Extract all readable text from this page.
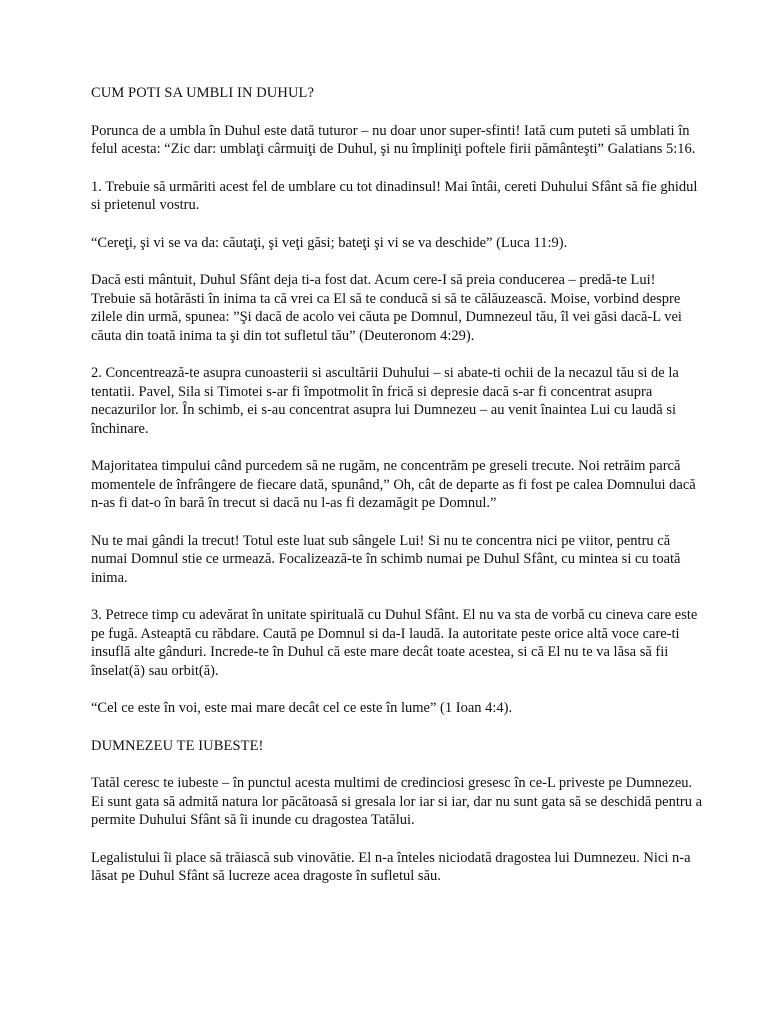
CUM POTI SA UMBLI IN DUHUL?

Porunca de a umbla în Duhul este dată tuturor – nu doar unor super-sfinti! Iată cum puteti să umblati în felul acesta: “Zic dar: umblaţi cârmuiţi de Duhul, şi nu împliniţi poftele firii pământeşti” Galatians 5:16.

1. Trebuie să urmăriti acest fel de umblare cu tot dinadinsul! Mai întâi, cereti Duhului Sfânt să fie ghidul si prietenul vostru.

“Cereţi, şi vi se va da: căutaţi, şi veţi găsi; bateţi şi vi se va deschide” (Luca 11:9).

Dacă esti mântuit, Duhul Sfânt deja ti-a fost dat. Acum cere-I să preia conducerea – predă-te Lui! Trebuie să hotărăsti în inima ta că vrei ca El să te conducă si să te călăuzească. Moise, vorbind despre zilele din urmă, spunea: ”Şi dacă de acolo vei căuta pe Domnul, Dumnezeul tău, îl vei găsi dacă-L vei căuta din toată inima ta şi din tot sufletul tău” (Deuteronom 4:29).

2. Concentrează-te asupra cunoasterii si ascultării Duhului – si abate-ti ochii de la necazul tău si de la tentatii. Pavel, Sila si Timotei s-ar fi împotmolit în frică si depresie dacă s-ar fi concentrat asupra necazurilor lor. În schimb, ei s-au concentrat asupra lui Dumnezeu – au venit înaintea Lui cu laudă si închinare.

Majoritatea timpului când purcedem să ne rugăm, ne concentrăm pe greseli trecute. Noi retrăim parcă momentele de înfrângere de fiecare dată, spunând,” Oh, cât de departe as fi fost pe calea Domnului dacă n-as fi dat-o în bară în trecut si dacă nu l-as fi dezamăgit pe Domnul.”

Nu te mai gândi la trecut! Totul este luat sub sângele Lui! Si nu te concentra nici pe viitor, pentru că numai Domnul stie ce urmează. Focalizează-te în schimb numai pe Duhul Sfânt, cu mintea si cu toată inima.

3. Petrece timp cu adevărat în unitate spirituală cu Duhul Sfânt. El nu va sta de vorbă cu cineva care este pe fugă. Asteaptă cu răbdare. Caută pe Domnul si da-I laudă. Ia autoritate peste orice altă voce care-ti insuflă alte gânduri. Increde-te în Duhul că este mare decât toate acestea, si că El nu te va lăsa să fii înselat(ă) sau orbit(ă).

“Cel ce este în voi, este mai mare decât cel ce este în lume” (1 Ioan 4:4).

DUMNEZEU TE IUBESTE!

Tatăl ceresc te iubeste – în punctul acesta multimi de credinciosi gresesc în ce-L priveste pe Dumnezeu. Ei sunt gata să admită natura lor păcătoasă si gresala lor iar si iar, dar nu sunt gata să se deschidă pentru a permite Duhului Sfânt să îi inunde cu dragostea Tatălui.

Legalistului îi place să trăiască sub vinovătie. El n-a înteles niciodată dragostea lui Dumnezeu. Nici n-a lăsat pe Duhul Sfânt să lucreze acea dragoste în sufletul său.
